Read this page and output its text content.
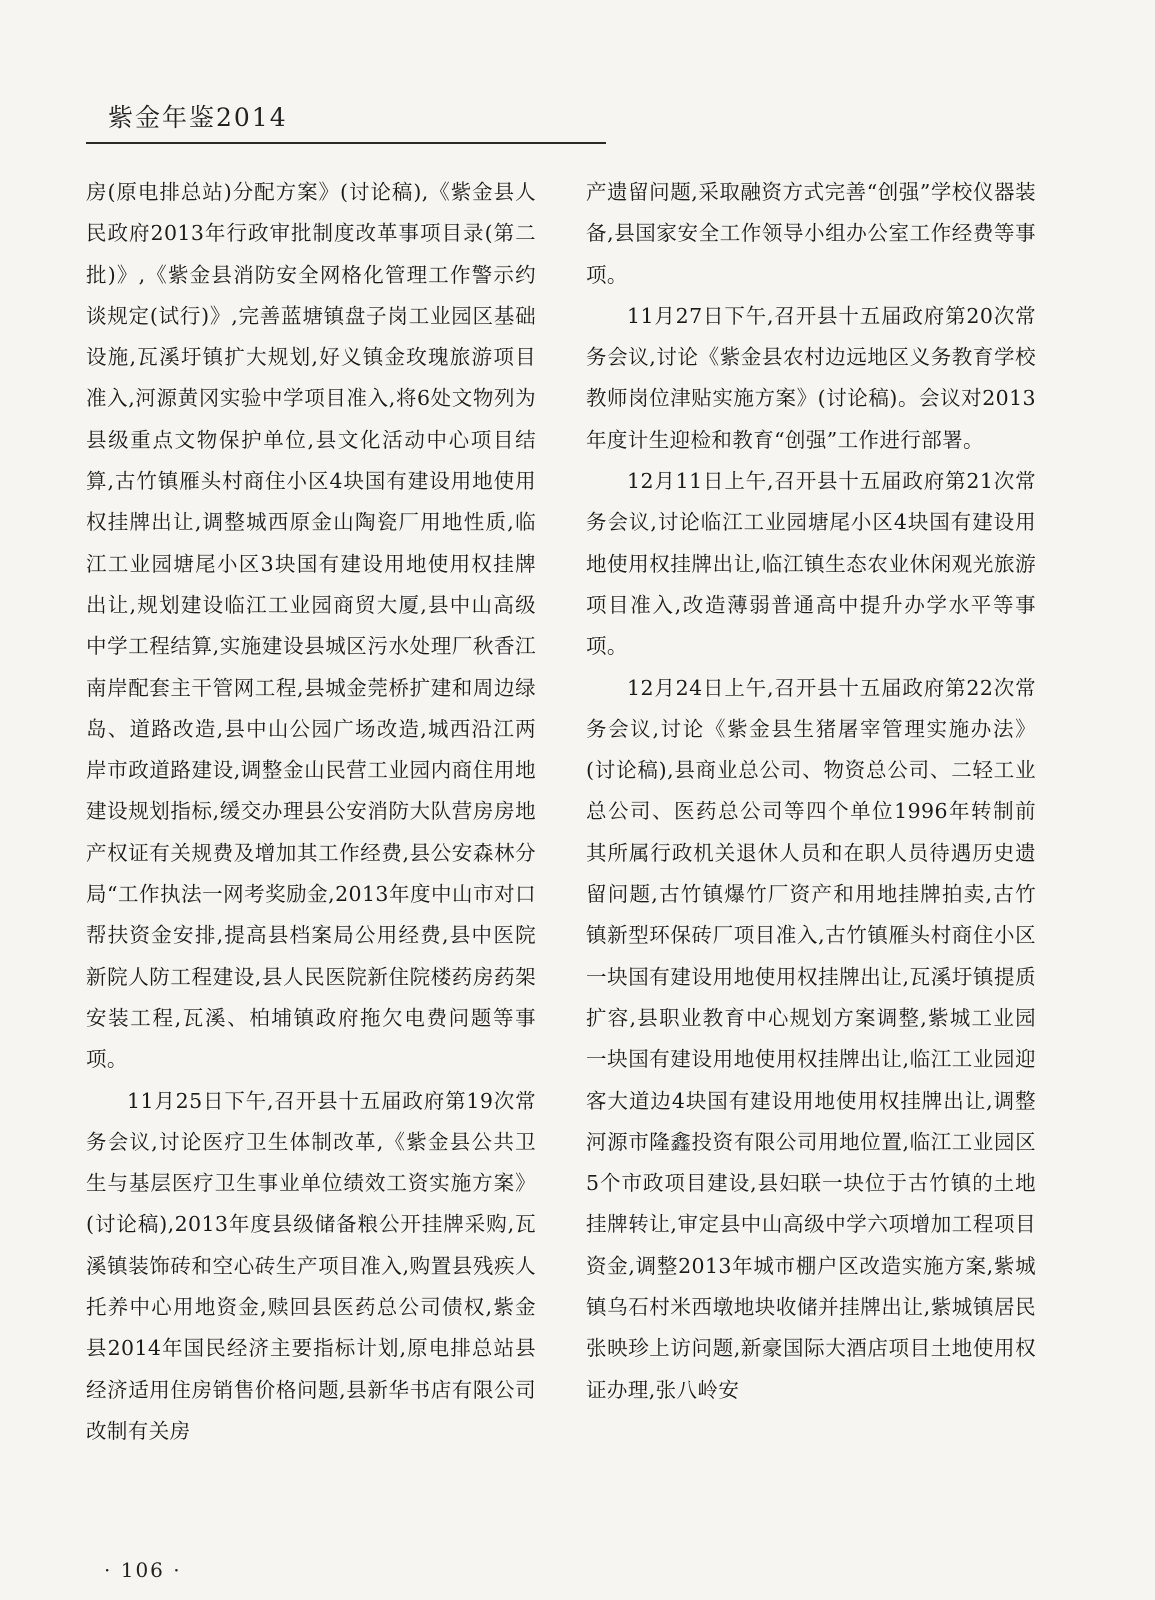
紫金年鉴2014

房(原电排总站)分配方案》(讨论稿),《紫金县人民政府2013年行政审批制度改革事项目录(第二批)》,《紫金县消防安全网格化管理工作警示约谈规定(试行)》,完善蓝塘镇盘子岗工业园区基础设施,瓦溪圩镇扩大规划,好义镇金玫瑰旅游项目准入,河源黄冈实验中学项目准入,将6处文物列为县级重点文物保护单位,县文化活动中心项目结算,古竹镇雁头村商住小区4块国有建设用地使用权挂牌出让,调整城西原金山陶瓷厂用地性质,临江工业园塘尾小区3块国有建设用地使用权挂牌出让,规划建设临江工业园商贸大厦,县中山高级中学工程结算,实施建设县城区污水处理厂秋香江南岸配套主干管网工程,县城金莞桥扩建和周边绿岛、道路改造,县中山公园广场改造,城西沿江两岸市政道路建设,调整金山民营工业园内商住用地建设规划指标,缓交办理县公安消防大队营房房地产权证有关规费及增加其工作经费,县公安森林分局“工作执法一网考奖励金,2013年度中山市对口帮扶资金安排,提高县档案局公用经费,县中医院新院人防工程建设,县人民医院新住院楼药房药架安装工程,瓦溪、柏埔镇政府拖欠电费问题等事项。

11月25日下午,召开县十五届政府第19次常务会议,讨论医疗卫生体制改革,《紫金县公共卫生与基层医疗卫生事业单位绩效工资实施方案》(讨论稿),2013年度县级储备粮公开挂牌采购,瓦溪镇装饰砖和空心砖生产项目准入,购置县残疾人托养中心用地资金,赎回县医药总公司债权,紫金县2014年国民经济主要指标计划,原电排总站县经济适用住房销售价格问题,县新华书店有限公司改制有关房

产遗留问题,采取融资方式完善“创强”学校仪器装备,县国家安全工作领导小组办公室工作经费等事项。

11月27日下午,召开县十五届政府第20次常务会议,讨论《紫金县农村边远地区义务教育学校教师岗位津贴实施方案》(讨论稿)。会议对2013年度计生迎检和教育“创强”工作进行部署。

12月11日上午,召开县十五届政府第21次常务会议,讨论临江工业园塘尾小区4块国有建设用地使用权挂牌出让,临江镇生态农业休闲观光旅游项目准入,改造薄弱普通高中提升办学水平等事项。

12月24日上午,召开县十五届政府第22次常务会议,讨论《紫金县生猪屠宰管理实施办法》(讨论稿),县商业总公司、物资总公司、二轻工业总公司、医药总公司等四个单位1996年转制前其所属行政机关退休人员和在职人员待遇历史遗留问题,古竹镇爆竹厂资产和用地挂牌拍卖,古竹镇新型环保砖厂项目准入,古竹镇雁头村商住小区一块国有建设用地使用权挂牌出让,瓦溪圩镇提质扩容,县职业教育中心规划方案调整,紫城工业园一块国有建设用地使用权挂牌出让,临江工业园迎客大道边4块国有建设用地使用权挂牌出让,调整河源市隆鑫投资有限公司用地位置,临江工业园区5个市政项目建设,县妇联一块位于古竹镇的土地挂牌转让,审定县中山高级中学六项增加工程项目资金,调整2013年城市棚户区改造实施方案,紫城镇乌石村米西墩地块收储并挂牌出让,紫城镇居民张映珍上访问题,新豪国际大酒店项目土地使用权证办理,张八岭安

· 106 ·
